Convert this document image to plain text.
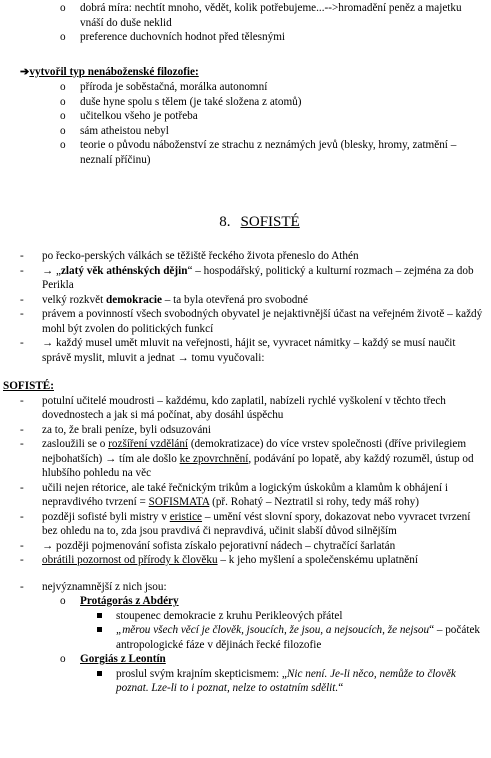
o	dobrá míra: nechtít mnoho, vědět, kolik potřebujeme...-->hromadění peněz a majetku vnáší do duše neklid
o	preference duchovních hodnot před tělesnými
➔vytvořil typ nenáboženské filozofie:
o	příroda je soběstačná, morálka autonomní
o	duše hyne spolu s tělem (je také složena z atomů)
o	učitelkou všeho je potřeba
o	sám atheistou nebyl
o	teorie o původu náboženství ze strachu z neznámých jevů (blesky, hromy, zatmění – neznalí příčinu)
8. SOFISTÉ
- po řecko-perských válkách se těžiště řeckého života přeneslo do Athén
- → „zlatý věk athénských dějin“ – hospodářský, politický a kulturní rozmach – zejména za dob Perikla
- velký rozkvět demokracie – ta byla otevřená pro svobodné
- právem a povinností všech svobodných obyvatel je nejaktivnější účast na veřejném životě – každý mohl být zvolen do politických funkcí
- → každý musel umět mluvit na veřejnosti, hájit se, vyvracet námitky – každý se musí naučit správě myslit, mluvit a jednat → tomu vyučovali:
SOFISTÉ:
- potulní učitelé moudrosti – každému, kdo zaplatil, nabízeli rychlé vyškolení v těchto třech dovednostech a jak si má počínat, aby dosáhl úspěchu
- za to, že brali peníze, byli odsuzováni
- zasloužili se o rozšíření vzdělání (demokratizace) do více vrstev společnosti (dříve privilegiem nejbohatších) → tím ale došlo ke zpovrchnění, podávání po lopatě, aby každý rozuměl, ústup od hlubšího pohledu na věc
- učili nejen rétorice, ale také řečnickým trikům a logickým úskokům a klamům k obhájení i nepravdivého tvrzení = SOFISMATA (př. Rohatý – Neztratil si rohy, tedy máš rohy)
- později sofisté byli mistry v eristice – umění vést slovní spory, dokazovat nebo vyvracet tvrzení bez ohledu na to, zda jsou pravdivá či nepravdivá, učinit slabší důvod silnějším
- → později pojmenování sofista získalo pejorativní nádech – chytračící šarlatán
- obrátili pozornost od přírody k člověku – k jeho myšlení a společenskému uplatnění
- nejvýznamnější z nich jsou:
o Protágorás z Abdéry
stoupenec demokracie z kruhu Perikleových přátel
„měrou všech věcí je člověk, jsoucích, že jsou, a nejsoucích, že nejsou“ – počátek antropologické fáze v dějinách řecké filozofie
o Gorgiás z Leontín
proslul svým krajním skepticismem: „Nic není. Je-li něco, nemůže to člověk poznat. Lze-li to i poznat, nelze to ostatním sdělit.“
